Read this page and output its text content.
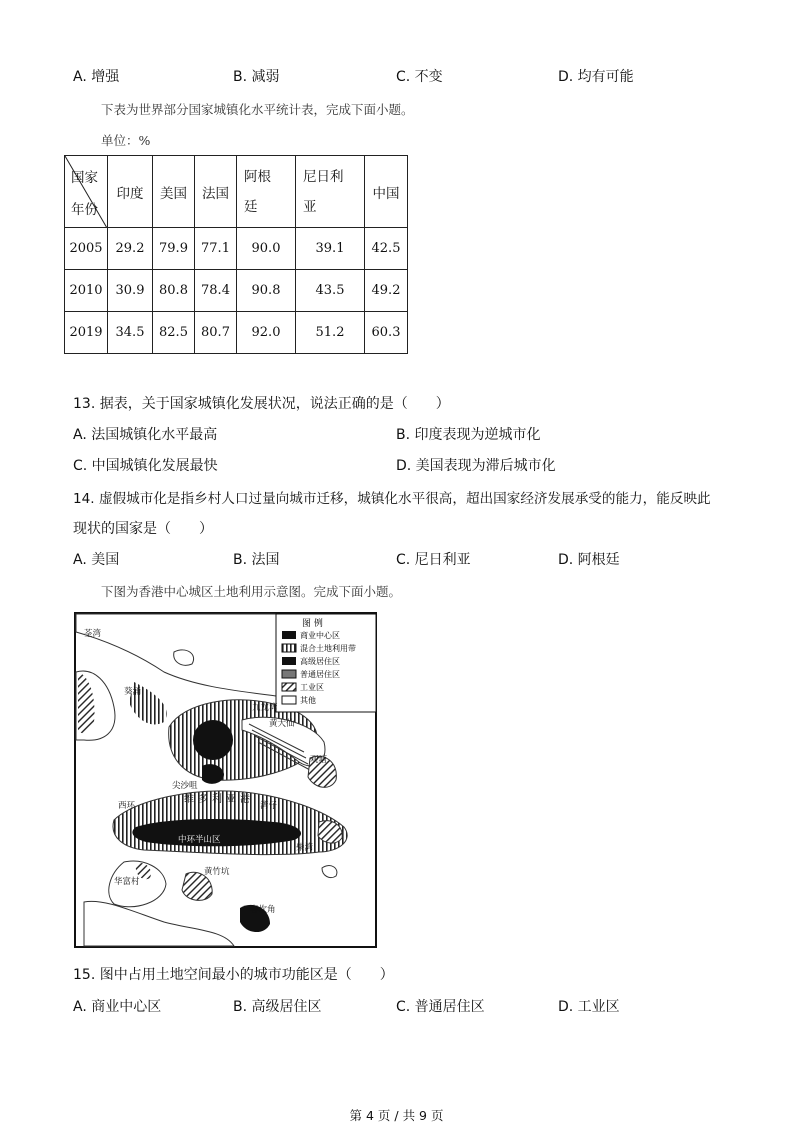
A. 增强	B. 减弱	C. 不变	D. 均有可能
下表为世界部分国家城镇化水平统计表，完成下面小题。
单位：%
国家
年份	印度	美国	法国	阿根廷	尼日利亚	中国
2005	29.2	79.9	77.1	90.0	39.1	42.5
2010	30.9	80.8	78.4	90.8	43.5	49.2
2019	34.5	82.5	80.7	92.0	51.2	60.3
13. 据表，关于国家城镇化发展状况，说法正确的是（　　）
A. 法国城镇化水平最高	B. 印度表现为逆城市化
C. 中国城镇化发展最快	D. 美国表现为滞后城市化
14. 虚假城市化是指乡村人口过量向城市迁移，城镇化水平很高，超出国家经济发展承受的能力，能反映此
现状的国家是（　　）
A. 美国	B. 法国	C. 尼日利亚	D. 阿根廷
下图为香港中心城区土地利用示意图。完成下面小题。
图 例
商业中心区
混合土地利用带
高级居住区
普通居住区
工业区
其他
荃湾
葵涌
九龙湾
黄大仙
观塘
尖沙咀
西环
维多利亚港
湾仔
中环半山区
柴湾
华富村
黄竹坑
春坎角
15. 图中占用土地空间最小的城市功能区是（　　）
A. 商业中心区	B. 高级居住区	C. 普通居住区	D. 工业区
第 4 页 / 共 9 页
